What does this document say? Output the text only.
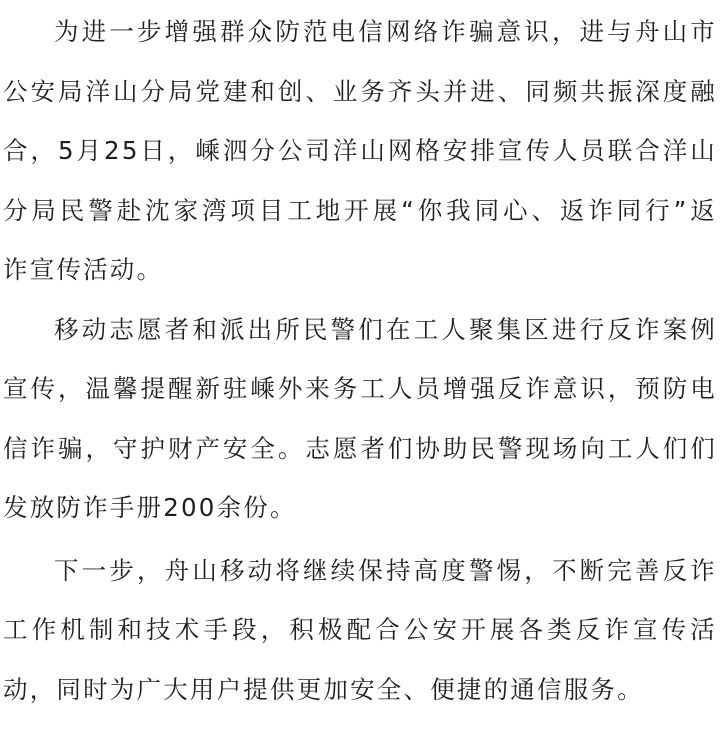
为进一步增强群众防范电信网络诈骗意识，进与舟山市
公安局洋山分局党建和创、业务齐头并进、同频共振深度融
合，5月25日，嵊泗分公司洋山网格安排宣传人员联合洋山
分局民警赴沈家湾项目工地开展“你我同心、返诈同行”返
诈宣传活动。
移动志愿者和派出所民警们在工人聚集区进行反诈案例
宣传，温馨提醒新驻嵊外来务工人员增强反诈意识，预防电
信诈骗，守护财产安全。志愿者们协助民警现场向工人们们
发放防诈手册200余份。
下一步，舟山移动将继续保持高度警惕，不断完善反诈
工作机制和技术手段，积极配合公安开展各类反诈宣传活
动，同时为广大用户提供更加安全、便捷的通信服务。
